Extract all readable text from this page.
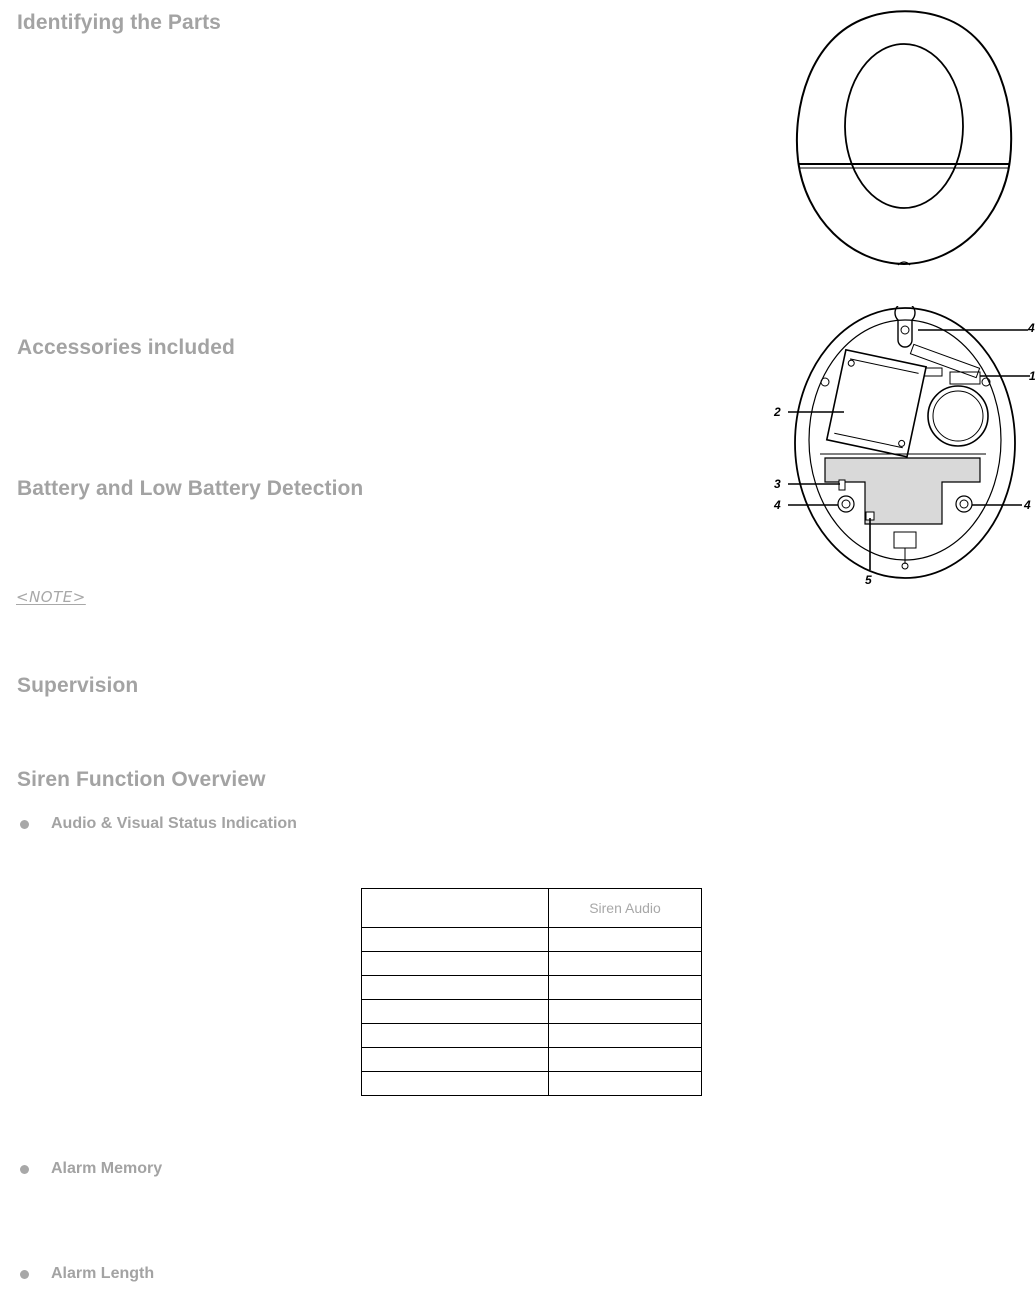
Identifying the Parts
Accessories included
Battery and Low Battery Detection
<NOTE>
Supervision
Siren Function Overview
Audio & Visual Status Indication
Alarm Memory
Alarm Length
	Siren Audio

4
1
2
3
4	4
5
